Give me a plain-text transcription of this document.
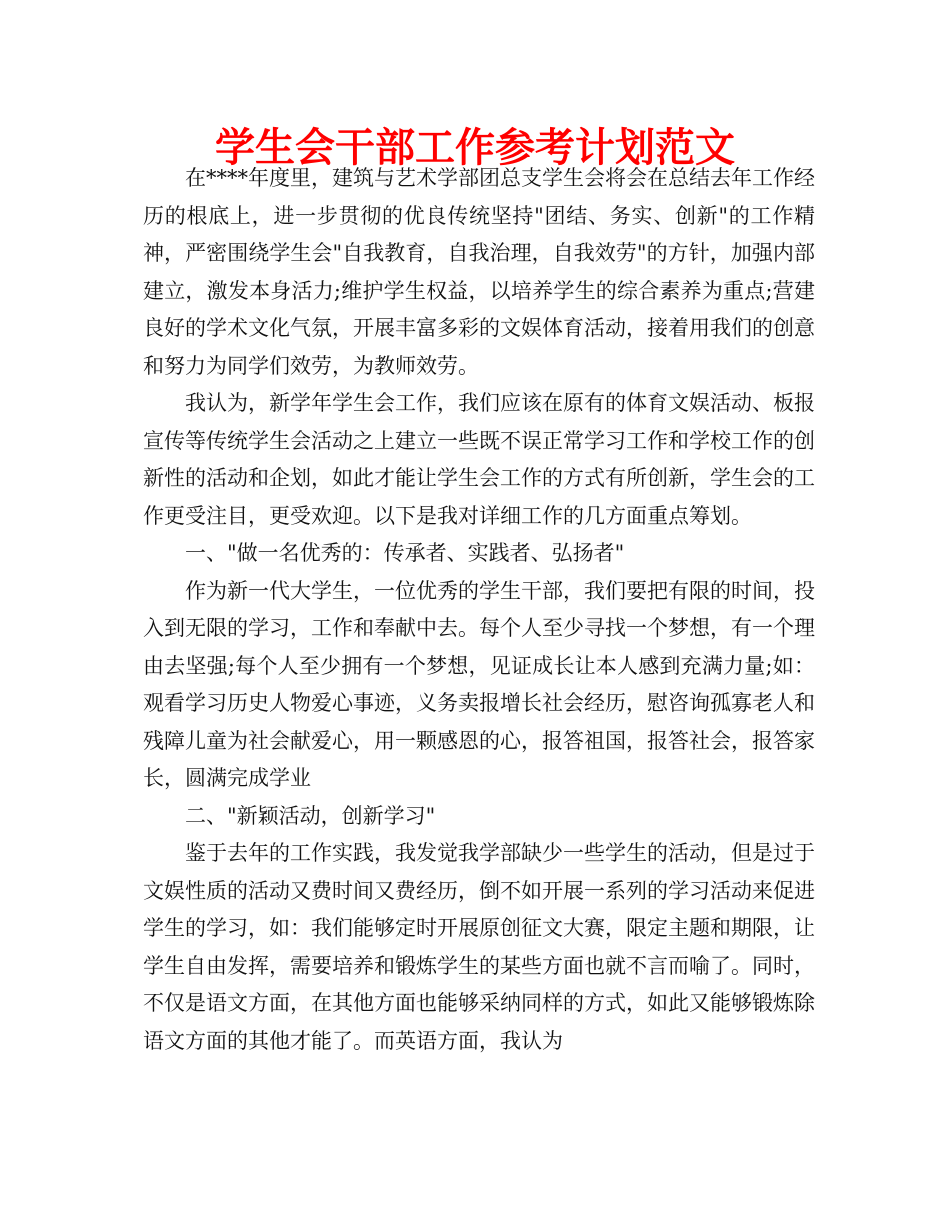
学生会干部工作参考计划范文

在****年度里，建筑与艺术学部团总支学生会将会在总结去年工作经历的根底上，进一步贯彻的优良传统坚持"团结、务实、创新"的工作精神，严密围绕学生会"自我教育，自我治理，自我效劳"的方针，加强内部建立，激发本身活力;维护学生权益，以培养学生的综合素养为重点;营建良好的学术文化气氛，开展丰富多彩的文娱体育活动，接着用我们的创意和努力为同学们效劳，为教师效劳。

我认为，新学年学生会工作，我们应该在原有的体育文娱活动、板报宣传等传统学生会活动之上建立一些既不误正常学习工作和学校工作的创新性的活动和企划，如此才能让学生会工作的方式有所创新，学生会的工作更受注目，更受欢迎。以下是我对详细工作的几方面重点筹划。

一、"做一名优秀的：传承者、实践者、弘扬者"

作为新一代大学生，一位优秀的学生干部，我们要把有限的时间，投入到无限的学习，工作和奉献中去。每个人至少寻找一个梦想，有一个理由去坚强;每个人至少拥有一个梦想，见证成长让本人感到充满力量;如：观看学习历史人物爱心事迹，义务卖报增长社会经历，慰咨询孤寡老人和残障儿童为社会献爱心，用一颗感恩的心，报答祖国，报答社会，报答家长，圆满完成学业

二、"新颖活动，创新学习"

鉴于去年的工作实践，我发觉我学部缺少一些学生的活动，但是过于文娱性质的活动又费时间又费经历，倒不如开展一系列的学习活动来促进学生的学习，如：我们能够定时开展原创征文大赛，限定主题和期限，让学生自由发挥，需要培养和锻炼学生的某些方面也就不言而喻了。同时，不仅是语文方面，在其他方面也能够采纳同样的方式，如此又能够锻炼除语文方面的其他才能了。而英语方面，我认为
